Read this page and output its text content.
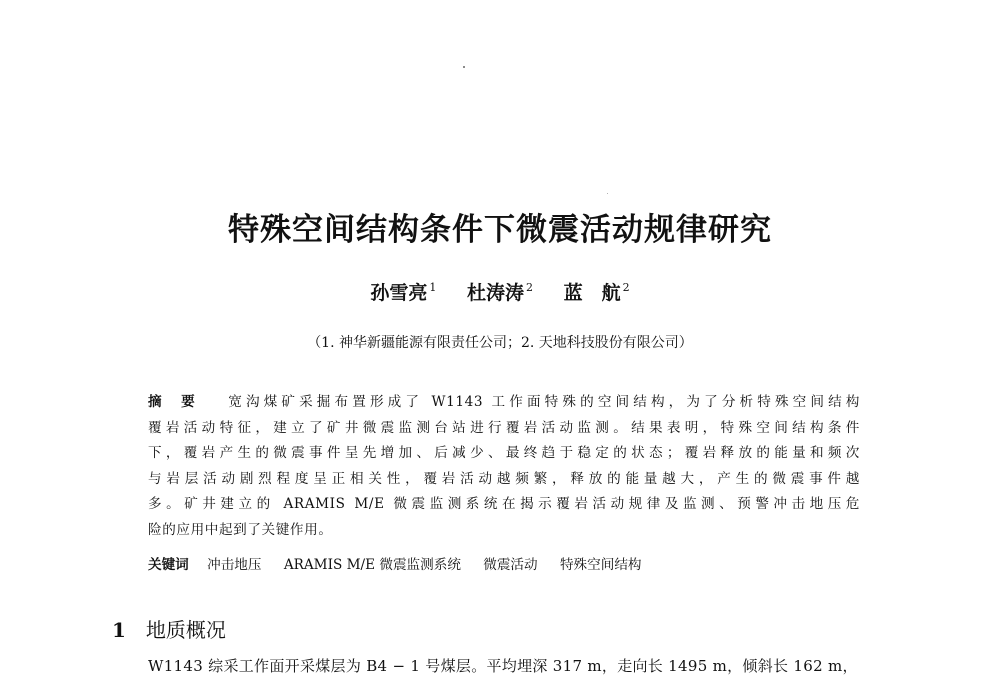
特殊空间结构条件下微震活动规律研究
孙雪亮 $^1$ 杜涛涛 $^2$ 蓝　航 $^2$
（1. 神华新疆能源有限责任公司；2. 天地科技股份有限公司）
摘要 宽沟煤矿采掘布置形成了 W1143 工作面特殊的空间结构，为了分析特殊空间结构
覆岩活动特征，建立了矿井微震监测台站进行覆岩活动监测。结果表明，特殊空间结构条件
下，覆岩产生的微震事件呈先增加、后减少、最终趋于稳定的状态；覆岩释放的能量和频次
与岩层活动剧烈程度呈正相关性，覆岩活动越频繁，释放的能量越大，产生的微震事件越
多。矿井建立的 ARAMIS M/E 微震监测系统在揭示覆岩活动规律及监测、预警冲击地压危
险的应用中起到了关键作用。
关键词 冲击地压 ARAMIS M/E 微震监测系统 微震活动 特殊空间结构
1 地质概况
W1143 综采工作面开采煤层为 B4 − 1 号煤层。平均埋深 317 m，走向长 1495 m，倾斜长 162 m，
